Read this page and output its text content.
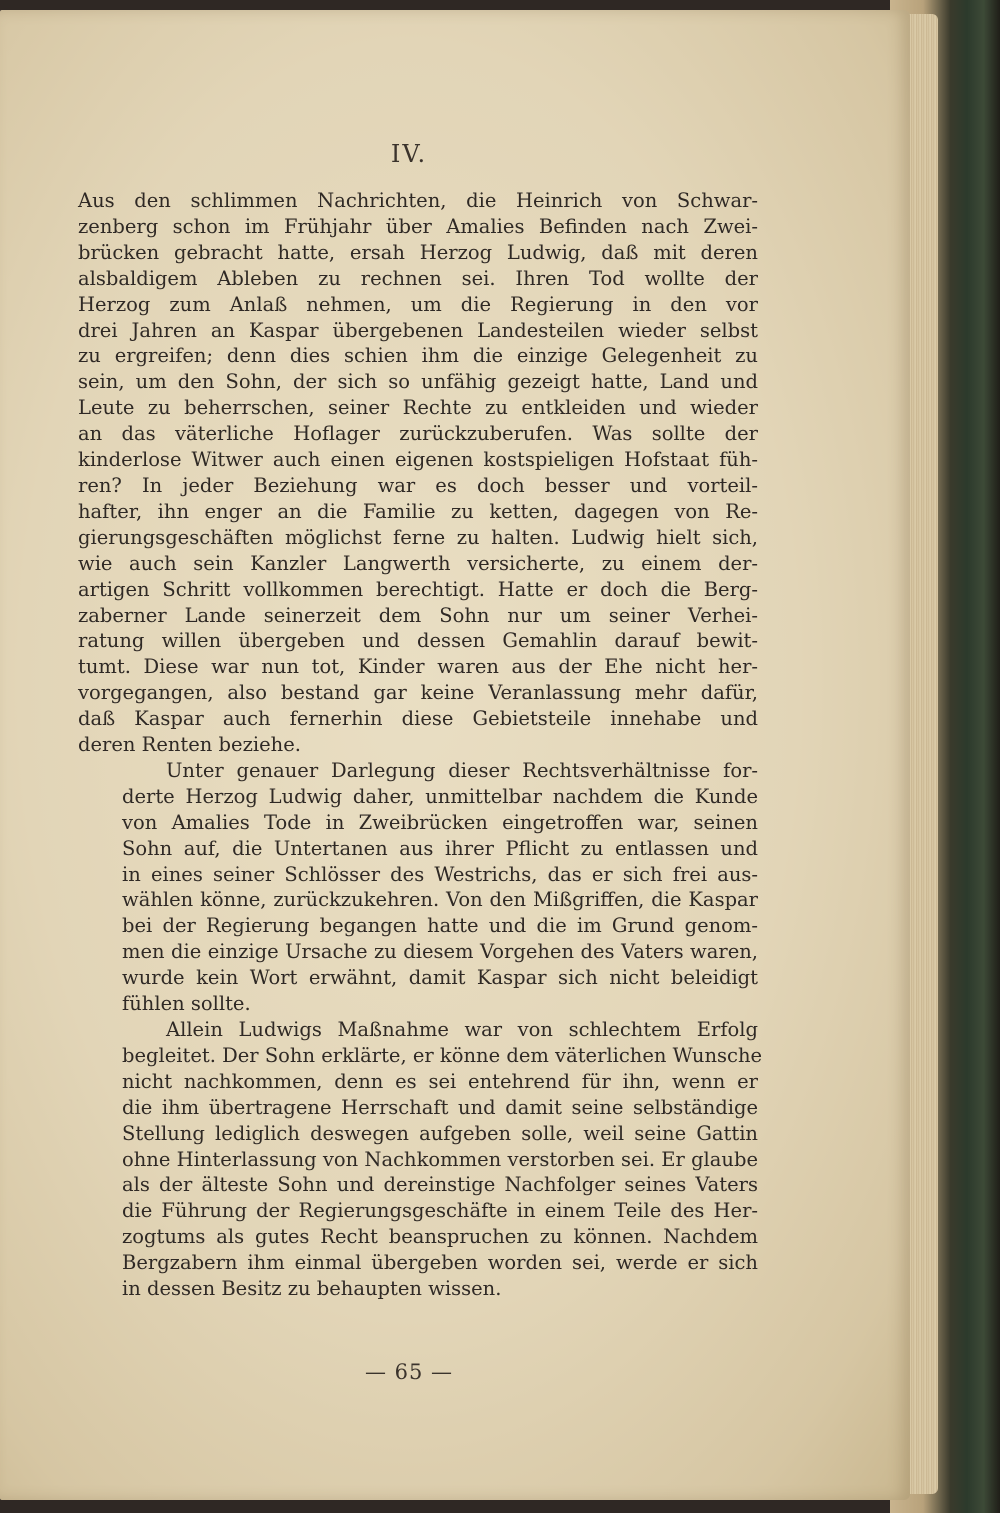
IV.

Aus den schlimmen Nachrichten, die Heinrich von Schwar-
zenberg schon im Frühjahr über Amalies Befinden nach Zwei-
brücken gebracht hatte, ersah Herzog Ludwig, daß mit deren
alsbaldigem Ableben zu rechnen sei. Ihren Tod wollte der
Herzog zum Anlaß nehmen, um die Regierung in den vor
drei Jahren an Kaspar übergebenen Landesteilen wieder selbst
zu ergreifen; denn dies schien ihm die einzige Gelegenheit zu
sein, um den Sohn, der sich so unfähig gezeigt hatte, Land und
Leute zu beherrschen, seiner Rechte zu entkleiden und wieder
an das väterliche Hoflager zurückzuberufen. Was sollte der
kinderlose Witwer auch einen eigenen kostspieligen Hofstaat füh-
ren? In jeder Beziehung war es doch besser und vorteil-
hafter, ihn enger an die Familie zu ketten, dagegen von Re-
gierungsgeschäften möglichst ferne zu halten. Ludwig hielt sich,
wie auch sein Kanzler Langwerth versicherte, zu einem der-
artigen Schritt vollkommen berechtigt. Hatte er doch die Berg-
zaberner Lande seinerzeit dem Sohn nur um seiner Verhei-
ratung willen übergeben und dessen Gemahlin darauf bewit-
tumt. Diese war nun tot, Kinder waren aus der Ehe nicht her-
vorgegangen, also bestand gar keine Veranlassung mehr dafür,
daß Kaspar auch fernerhin diese Gebietsteile innehabe und
deren Renten beziehe.

Unter genauer Darlegung dieser Rechtsverhältnisse for-
derte Herzog Ludwig daher, unmittelbar nachdem die Kunde
von Amalies Tode in Zweibrücken eingetroffen war, seinen
Sohn auf, die Untertanen aus ihrer Pflicht zu entlassen und
in eines seiner Schlösser des Westrichs, das er sich frei aus-
wählen könne, zurückzukehren. Von den Mißgriffen, die Kaspar
bei der Regierung begangen hatte und die im Grund genom-
men die einzige Ursache zu diesem Vorgehen des Vaters waren,
wurde kein Wort erwähnt, damit Kaspar sich nicht beleidigt
fühlen sollte.

Allein Ludwigs Maßnahme war von schlechtem Erfolg
begleitet. Der Sohn erklärte, er könne dem väterlichen Wunsche
nicht nachkommen, denn es sei entehrend für ihn, wenn er
die ihm übertragene Herrschaft und damit seine selbständige
Stellung lediglich deswegen aufgeben solle, weil seine Gattin
ohne Hinterlassung von Nachkommen verstorben sei. Er glaube
als der älteste Sohn und dereinstige Nachfolger seines Vaters
die Führung der Regierungsgeschäfte in einem Teile des Her-
zogtums als gutes Recht beanspruchen zu können. Nachdem
Bergzabern ihm einmal übergeben worden sei, werde er sich
in dessen Besitz zu behaupten wissen.

— 65 —
